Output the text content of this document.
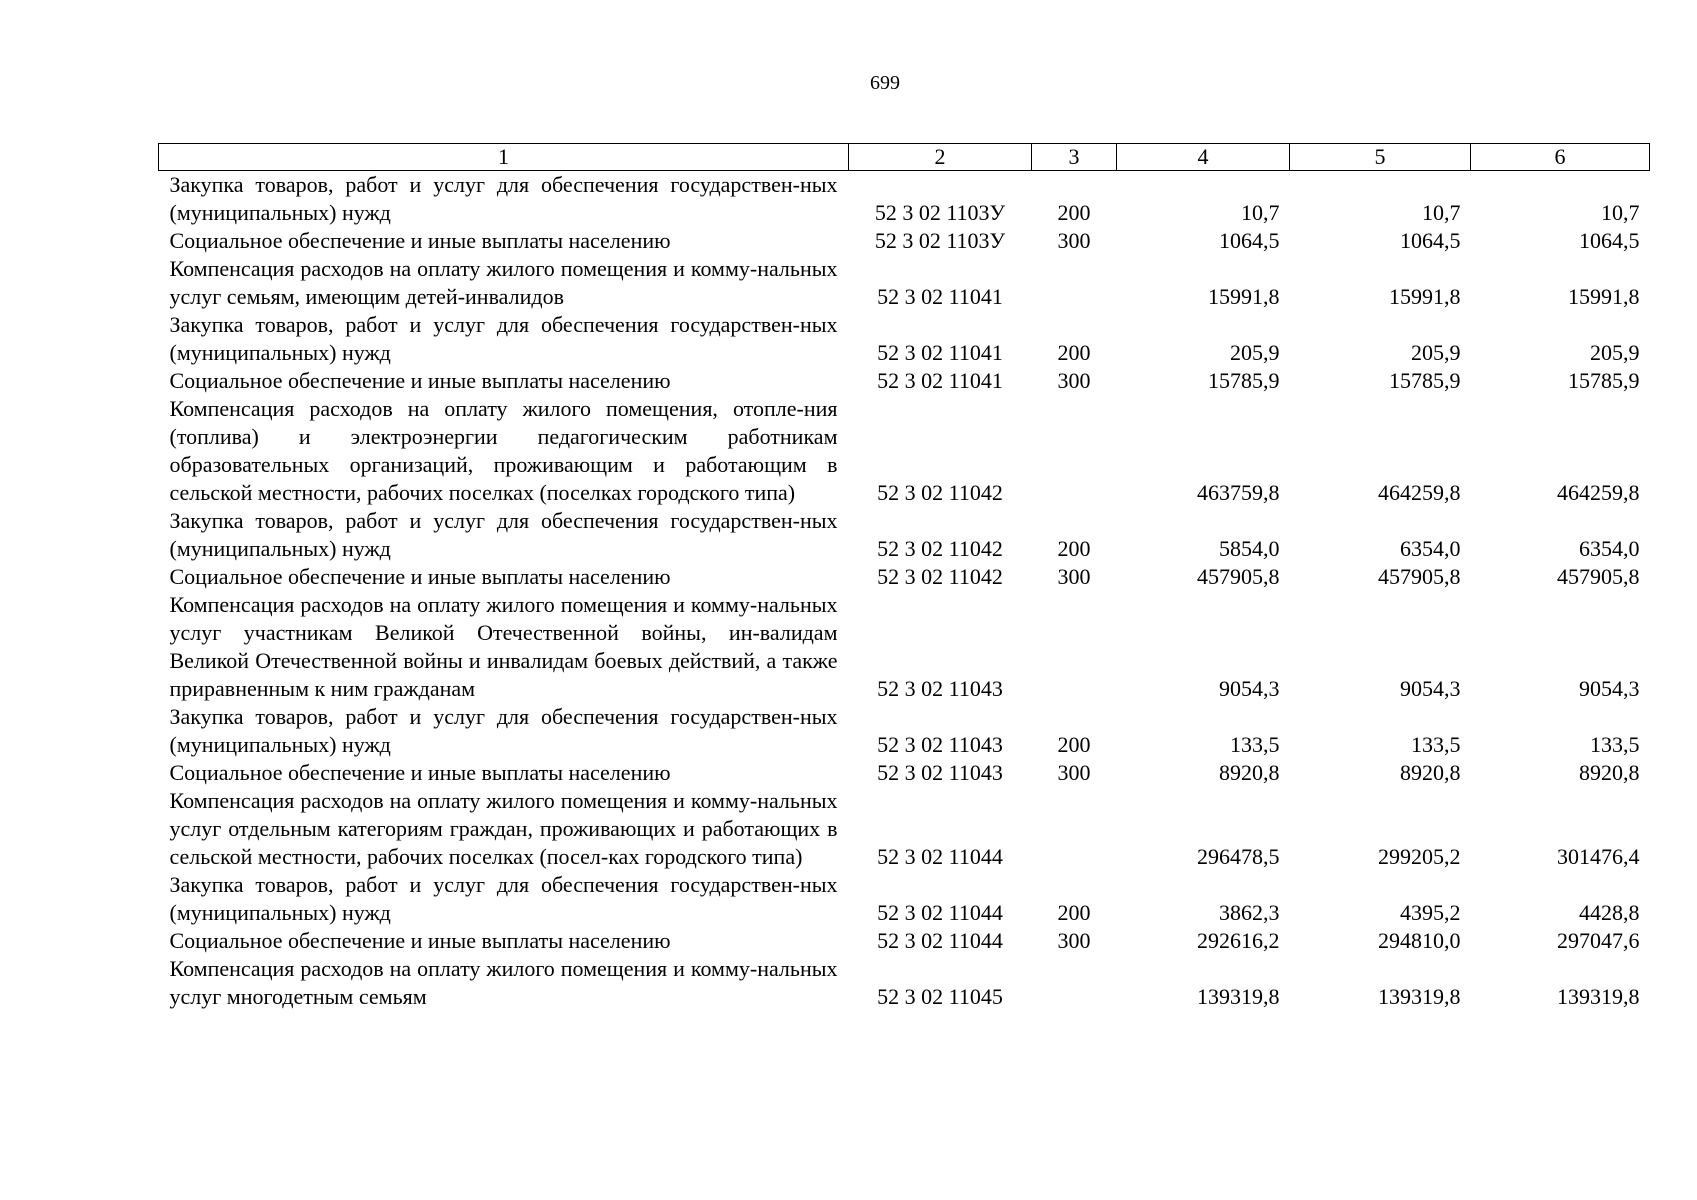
699
1	2	3	4	5	6
Закупка товаров, работ и услуг для обеспечения государствен-ных (муниципальных) нужд	52 3 02 1103У	200	10,7	10,7	10,7
Социальное обеспечение и иные выплаты населению	52 3 02 1103У	300	1064,5	1064,5	1064,5
Компенсация расходов на оплату жилого помещения и комму-нальных услуг семьям, имеющим детей-инвалидов	52 3 02 11041		15991,8	15991,8	15991,8
Закупка товаров, работ и услуг для обеспечения государствен-ных (муниципальных) нужд	52 3 02 11041	200	205,9	205,9	205,9
Социальное обеспечение и иные выплаты населению	52 3 02 11041	300	15785,9	15785,9	15785,9
Компенсация расходов на оплату жилого помещения, отопле-ния (топлива) и электроэнергии педагогическим работникам образовательных организаций, проживающим и работающим в сельской местности, рабочих поселках (поселках городского типа)	52 3 02 11042		463759,8	464259,8	464259,8
Закупка товаров, работ и услуг для обеспечения государствен-ных (муниципальных) нужд	52 3 02 11042	200	5854,0	6354,0	6354,0
Социальное обеспечение и иные выплаты населению	52 3 02 11042	300	457905,8	457905,8	457905,8
Компенсация расходов на оплату жилого помещения и комму-нальных услуг участникам Великой Отечественной войны, ин-валидам Великой Отечественной войны и инвалидам боевых действий, а также приравненным к ним гражданам	52 3 02 11043		9054,3	9054,3	9054,3
Закупка товаров, работ и услуг для обеспечения государствен-ных (муниципальных) нужд	52 3 02 11043	200	133,5	133,5	133,5
Социальное обеспечение и иные выплаты населению	52 3 02 11043	300	8920,8	8920,8	8920,8
Компенсация расходов на оплату жилого помещения и комму-нальных услуг отдельным категориям граждан, проживающих и работающих в сельской местности, рабочих поселках (посел-ках городского типа)	52 3 02 11044		296478,5	299205,2	301476,4
Закупка товаров, работ и услуг для обеспечения государствен-ных (муниципальных) нужд	52 3 02 11044	200	3862,3	4395,2	4428,8
Социальное обеспечение и иные выплаты населению	52 3 02 11044	300	292616,2	294810,0	297047,6
Компенсация расходов на оплату жилого помещения и комму-нальных услуг многодетным семьям	52 3 02 11045		139319,8	139319,8	139319,8
